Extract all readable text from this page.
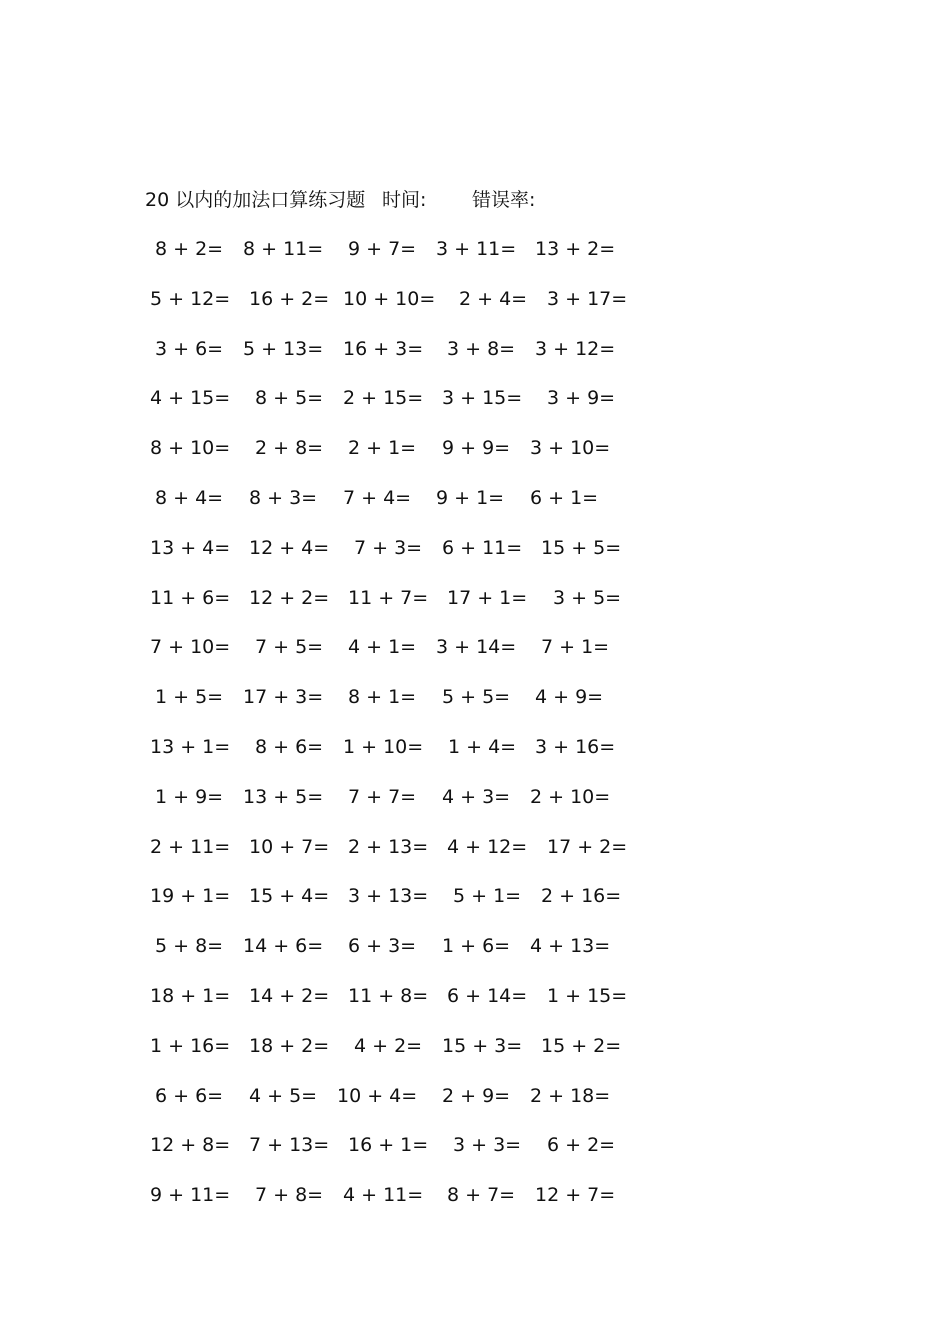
20 以内的加法口算练习题 时间: 错误率:
8 + 2= 8 + 11= 9 + 7= 3 + 11= 13 + 2=
5 + 12= 16 + 2= 10 + 10= 2 + 4= 3 + 17=
3 + 6= 5 + 13= 16 + 3= 3 + 8= 3 + 12=
4 + 15= 8 + 5= 2 + 15= 3 + 15= 3 + 9=
8 + 10= 2 + 8= 2 + 1= 9 + 9= 3 + 10=
8 + 4= 8 + 3= 7 + 4= 9 + 1= 6 + 1=
13 + 4= 12 + 4= 7 + 3= 6 + 11= 15 + 5=
11 + 6= 12 + 2= 11 + 7= 17 + 1= 3 + 5=
7 + 10= 7 + 5= 4 + 1= 3 + 14= 7 + 1=
1 + 5= 17 + 3= 8 + 1= 5 + 5= 4 + 9=
13 + 1= 8 + 6= 1 + 10= 1 + 4= 3 + 16=
1 + 9= 13 + 5= 7 + 7= 4 + 3= 2 + 10=
2 + 11= 10 + 7= 2 + 13= 4 + 12= 17 + 2=
19 + 1= 15 + 4= 3 + 13= 5 + 1= 2 + 16=
5 + 8= 14 + 6= 6 + 3= 1 + 6= 4 + 13=
18 + 1= 14 + 2= 11 + 8= 6 + 14= 1 + 15=
1 + 16= 18 + 2= 4 + 2= 15 + 3= 15 + 2=
6 + 6= 4 + 5= 10 + 4= 2 + 9= 2 + 18=
12 + 8= 7 + 13= 16 + 1= 3 + 3= 6 + 2=
9 + 11= 7 + 8= 4 + 11= 8 + 7= 12 + 7=
